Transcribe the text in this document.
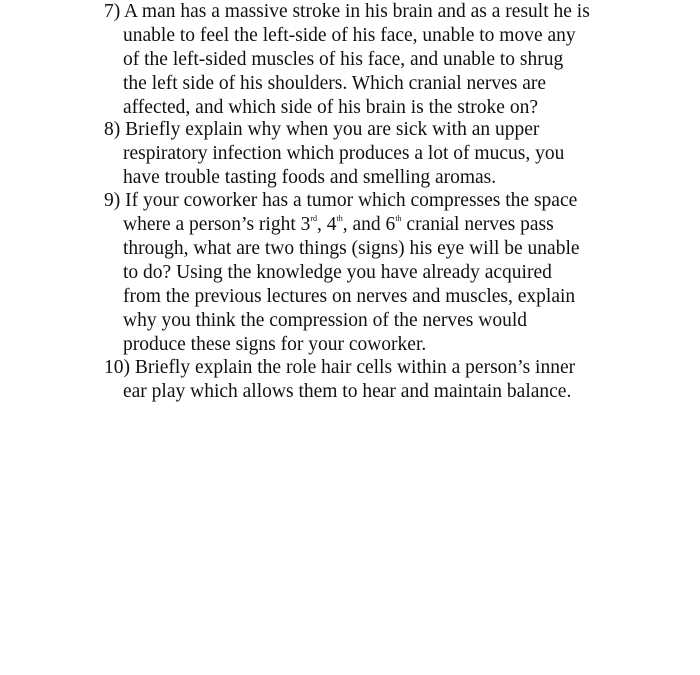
7) A man has a massive stroke in his brain and as a result he is
unable to feel the left-side of his face, unable to move any
of the left-sided muscles of his face, and unable to shrug
the left side of his shoulders. Which cranial nerves are
affected, and which side of his brain is the stroke on?
8) Briefly explain why when you are sick with an upper
respiratory infection which produces a lot of mucus, you
have trouble tasting foods and smelling aromas.
9) If your coworker has a tumor which compresses the space
where a person’s right 3rd, 4th, and 6th cranial nerves pass
through, what are two things (signs) his eye will be unable
to do? Using the knowledge you have already acquired
from the previous lectures on nerves and muscles, explain
why you think the compression of the nerves would
produce these signs for your coworker.
10) Briefly explain the role hair cells within a person’s inner
ear play which allows them to hear and maintain balance.
